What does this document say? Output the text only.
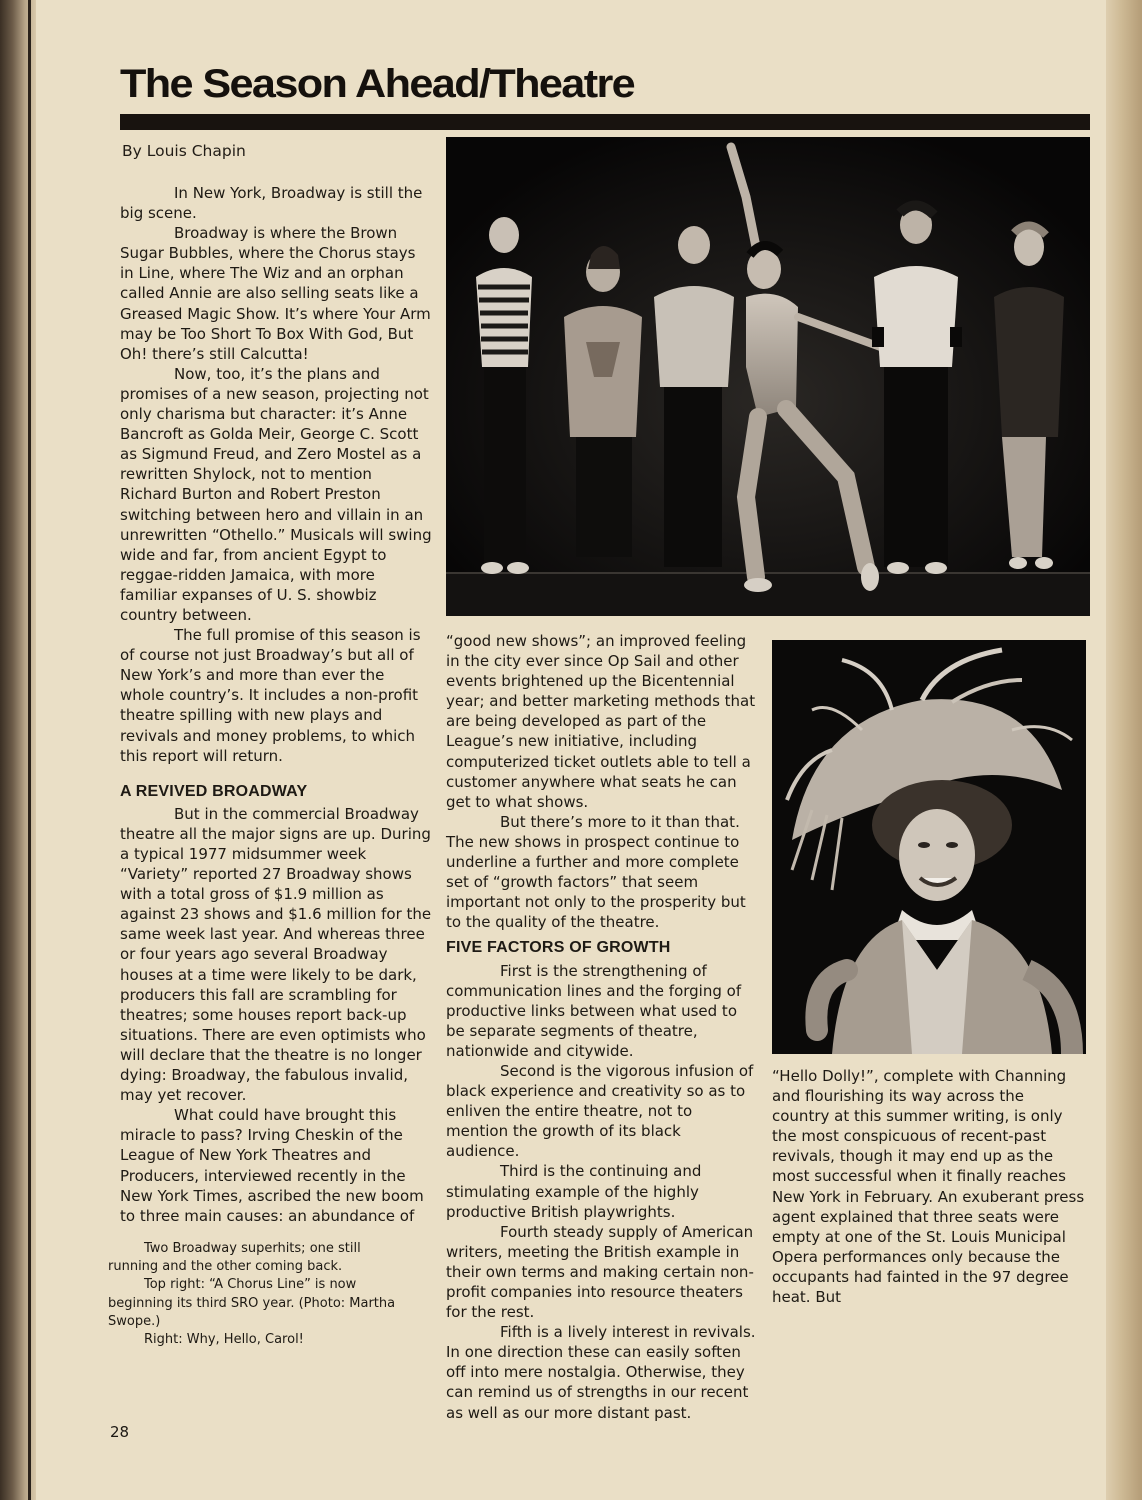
The Season Ahead/Theatre
By Louis Chapin

In New York, Broadway is still the big scene.

Broadway is where the Brown Sugar Bubbles, where the Chorus stays in Line, where The Wiz and an orphan called Annie are also selling seats like a Greased Magic Show. It’s where Your Arm may be Too Short To Box With God, But Oh! there’s still Calcutta!

Now, too, it’s the plans and promises of a new season, projecting not only charisma but character: it’s Anne Bancroft as Golda Meir, George C. Scott as Sigmund Freud, and Zero Mostel as a rewritten Shylock, not to mention Richard Burton and Robert Preston switching between hero and villain in an unrewritten “Othello.” Musicals will swing wide and far, from ancient Egypt to reggae-ridden Jamaica, with more familiar expanses of U. S. showbiz country between.

The full promise of this season is of course not just Broadway’s but all of New York’s and more than ever the whole country’s. It includes a non-profit theatre spilling with new plays and revivals and money problems, to which this report will return.

A REVIVED BROADWAY

But in the commercial Broadway theatre all the major signs are up. During a typical 1977 midsummer week “Variety” reported 27 Broadway shows with a total gross of $1.9 million as against 23 shows and $1.6 million for the same week last year. And whereas three or four years ago several Broadway houses at a time were likely to be dark, producers this fall are scrambling for theatres; some houses report back-up situations. There are even optimists who will declare that the theatre is no longer dying: Broadway, the fabulous invalid, may yet recover.

What could have brought this miracle to pass? Irving Cheskin of the League of New York Theatres and Producers, interviewed recently in the New York Times, ascribed the new boom to three main causes: an abundance of

“good new shows”; an improved feeling in the city ever since Op Sail and other events brightened up the Bicentennial year; and better marketing methods that are being developed as part of the League’s new initiative, including computerized ticket outlets able to tell a customer anywhere what seats he can get to what shows.

But there’s more to it than that. The new shows in prospect continue to underline a further and more complete set of “growth factors” that seem important not only to the prosperity but to the quality of the theatre.

FIVE FACTORS OF GROWTH

First is the strengthening of communication lines and the forging of productive links between what used to be separate segments of theatre, nationwide and citywide.

Second is the vigorous infusion of black experience and creativity so as to enliven the entire theatre, not to mention the growth of its black audience.

Third is the continuing and stimulating example of the highly productive British playwrights.

Fourth steady supply of American writers, meeting the British example in their own terms and making certain non-profit companies into resource theaters for the rest.

Fifth is a lively interest in revivals. In one direction these can easily soften off into mere nostalgia. Otherwise, they can remind us of strengths in our recent as well as our more distant past.

“Hello Dolly!”, complete with Channing and flourishing its way across the country at this summer writing, is only the most conspicuous of recent-past revivals, though it may end up as the most successful when it finally reaches New York in February. An exuberant press agent explained that three seats were empty at one of the St. Louis Municipal Opera performances only because the occupants had fainted in the 97 degree heat. But

Two Broadway superhits; one still running and the other coming back.

Top right: “A Chorus Line” is now beginning its third SRO year. (Photo: Martha Swope.)

Right: Why, Hello, Carol!

28
